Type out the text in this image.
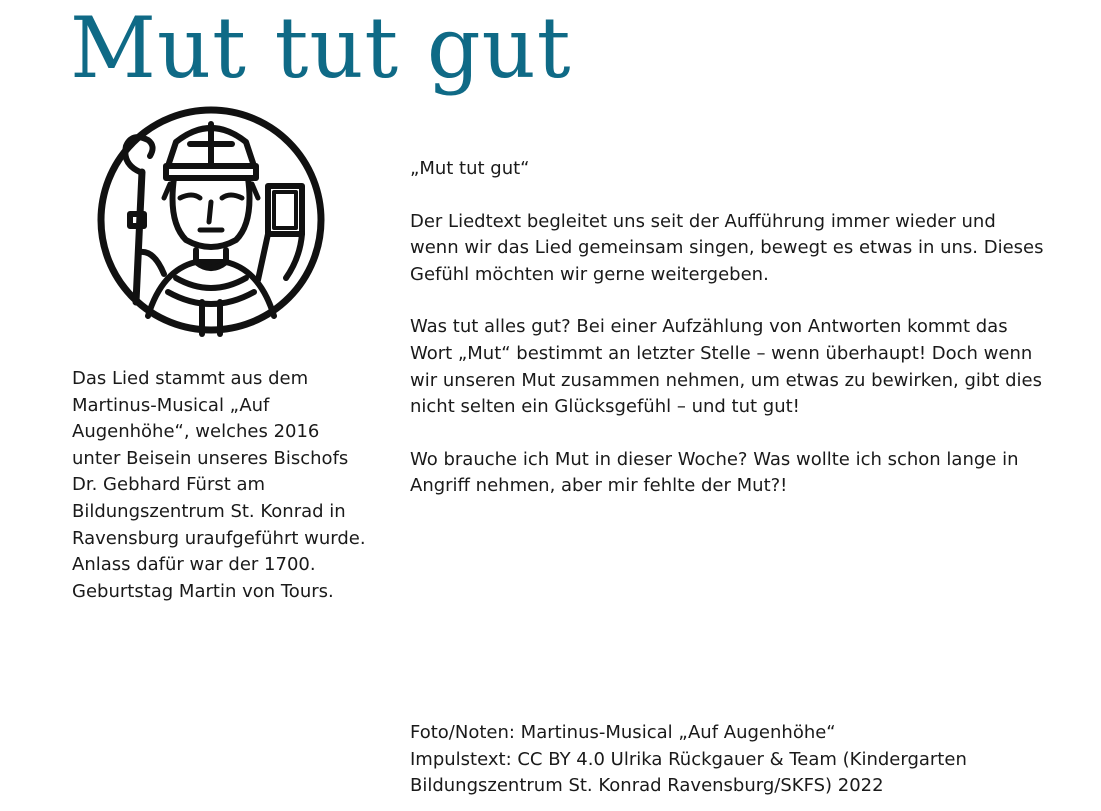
Mut tut gut

Das Lied stammt aus dem Martinus-Musical „Auf Augenhöhe“, welches 2016 unter Beisein unseres Bischofs Dr. Gebhard Fürst am Bildungszentrum St. Konrad in Ravensburg uraufgeführt wurde. Anlass dafür war der 1700. Geburtstag Martin von Tours.

„Mut tut gut“

Der Liedtext begleitet uns seit der Aufführung immer wieder und wenn wir das Lied gemeinsam singen, bewegt es etwas in uns. Dieses Gefühl möchten wir gerne weitergeben.

Was tut alles gut? Bei einer Aufzählung von Antworten kommt das Wort „Mut“ bestimmt an letzter Stelle – wenn überhaupt! Doch wenn wir unseren Mut zusammen nehmen, um etwas zu bewirken, gibt dies nicht selten ein Glücksgefühl – und tut gut!

Wo brauche ich Mut in dieser Woche? Was wollte ich schon lange in Angriff nehmen, aber mir fehlte der Mut?!

Foto/Noten: Martinus-Musical „Auf Augenhöhe“

Impulstext: CC BY 4.0 Ulrika Rückgauer & Team (Kindergarten Bildungszentrum St. Konrad Ravensburg/SKFS) 2022
